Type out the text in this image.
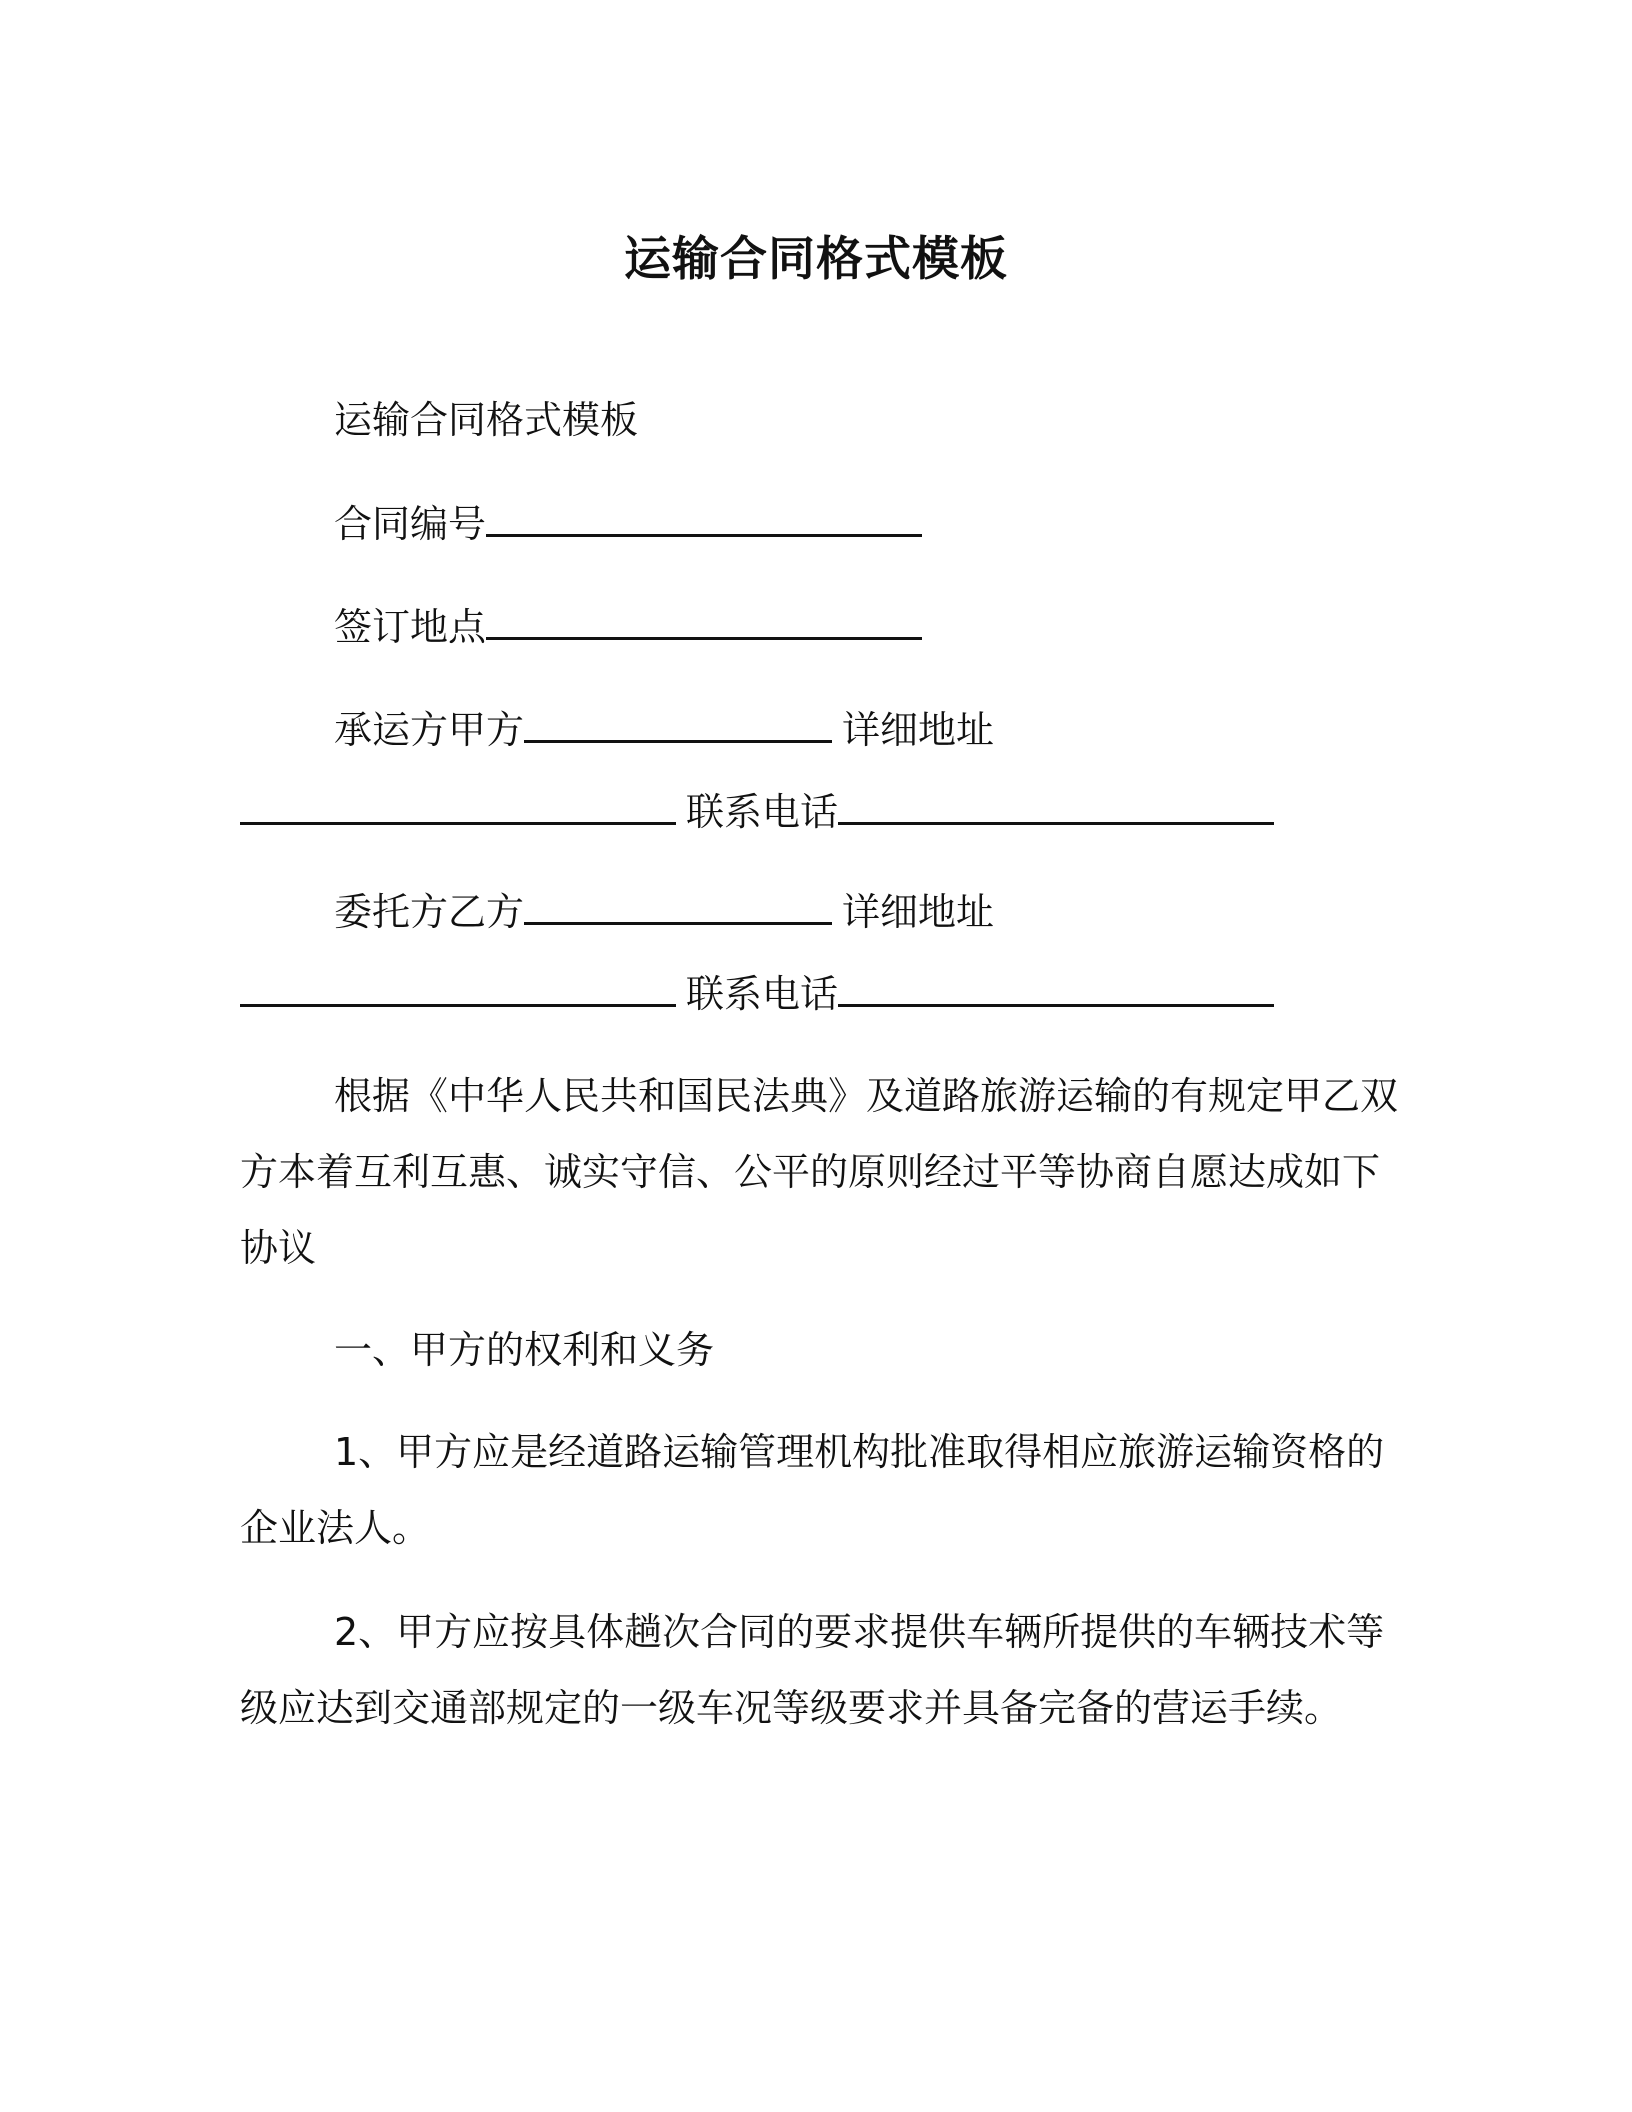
运输合同格式模板
运输合同格式模板
合同编号
签订地点
承运方甲方	详细地址
联系电话
委托方乙方	详细地址
联系电话
根据《中华人民共和国民法典》及道路旅游运输的有规定甲乙双
方本着互利互惠、诚实守信、公平的原则经过平等协商自愿达成如下
协议
一、甲方的权利和义务
1、甲方应是经道路运输管理机构批准取得相应旅游运输资格的
企业法人。
2、甲方应按具体趟次合同的要求提供车辆所提供的车辆技术等
级应达到交通部规定的一级车况等级要求并具备完备的营运手续。
